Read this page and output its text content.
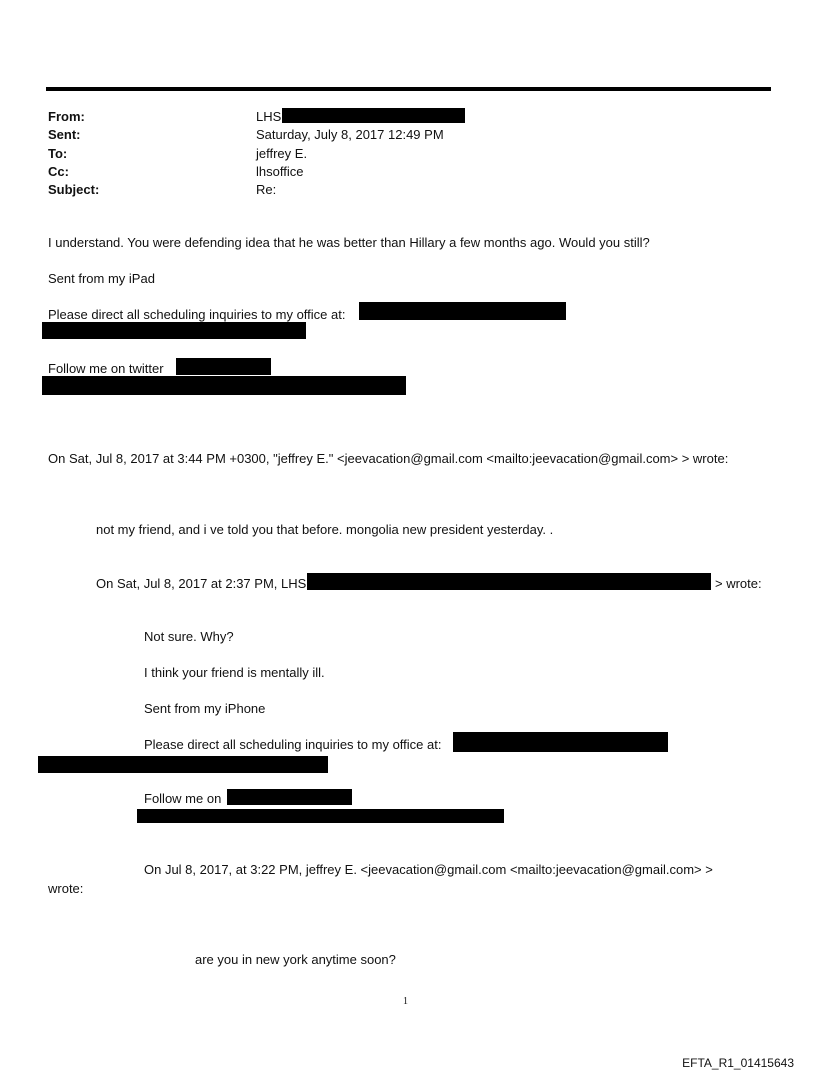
From:	LHS
Sent:	Saturday, July 8, 2017 12:49 PM
To:	jeffrey E.
Cc:	lhsoffice
Subject:	Re:
I understand. You were defending idea that he was better than Hillary a few months ago. Would you still?
Sent from my iPad
Please direct all scheduling inquiries to my office at:
Follow me on twitter
On Sat, Jul 8, 2017 at 3:44 PM +0300, "jeffrey E." <jeevacation@gmail.com <mailto:jeevacation@gmail.com> > wrote:
not my friend, and i ve told you that before. mongolia new president yesterday. .
On Sat, Jul 8, 2017 at 2:37 PM, LHS	> wrote:
Not sure. Why?
I think your friend is mentally ill.
Sent from my iPhone
Please direct all scheduling inquiries to my office at:
Follow me on
On Jul 8, 2017, at 3:22 PM, jeffrey E. <jeevacation@gmail.com <mailto:jeevacation@gmail.com> >
wrote:
are you in new york anytime soon?
1
EFTA_R1_01415643
